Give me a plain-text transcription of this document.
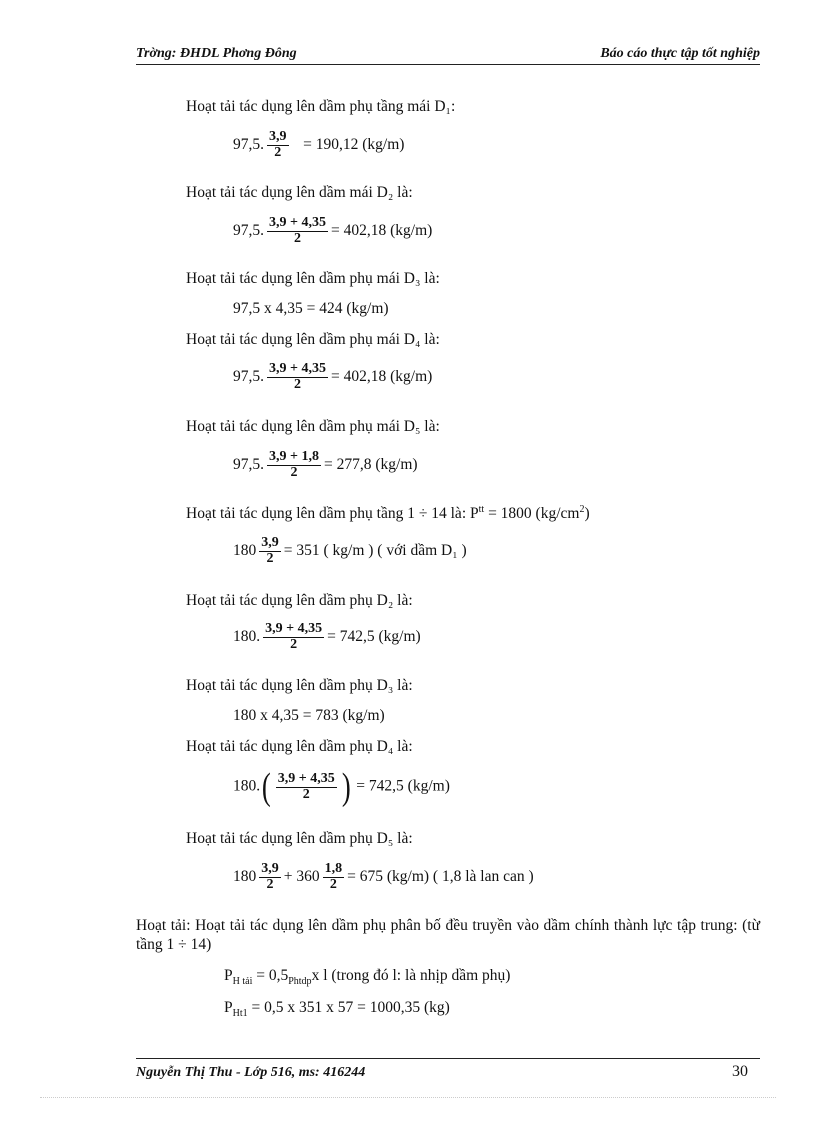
Trờng: ĐHDL Phơng Đông	Báo cáo thực tập tốt nghiệp
Hoạt tải tác dụng lên dầm phụ tầng mái D₁:
97,5. $\frac{3,9}{2} = 190,12$ (kg/m)
Hoạt tải tác dụng lên dầm mái D₂ là:
97,5. $\frac{3,9 + 4,35}{2} = 402,18$ (kg/m)
Hoạt tải tác dụng lên dầm phụ mái D₃ là:
97,5 x 4,35 = 424 (kg/m)
Hoạt tải tác dụng lên dầm phụ mái D₄ là:
97,5. $\frac{3,9 + 4,35}{2} = 402,18$ (kg/m)
Hoạt tải tác dụng lên dầm phụ mái D₅ là:
97,5. $\frac{3,9 + 1,8}{2} = 277,8$ (kg/m)
Hoạt tải tác dụng lên dầm phụ tầng 1 ÷ 14 là: $P^{tt} = 1800$ $(kg/cm^2)$
$180 \frac{3,9}{2} = 351$ ( kg/m ) ( với dầm D₁ )
Hoạt tải tác dụng lên dầm phụ D₂ là:
180. $\frac{3,9 + 4,35}{2} = 742,5$ (kg/m)
Hoạt tải tác dụng lên dầm phụ D₃ là:
180 x 4,35 = 783 (kg/m)
Hoạt tải tác dụng lên dầm phụ D₄ là:
$180.( \frac{3,9 + 4,35}{2}$ ) = 742,5 (kg/m)
Hoạt tải tác dụng lên dầm phụ D₅ là:
$180 \frac{3,9}{2} + 360 \frac{1,8}{2} = 675$ (kg/m) ( 1,8 là lan can )
Hoạt tải: Hoạt tải tác dụng lên dầm phụ phân bố đều truyền vào dầm chính thành lực tập trung: (từ tầng 1 ÷ 14)
$P_{H tải} = 0,5_{Phtdp}x$ l (trong đó l: là nhịp dầm phụ)
$P_{Ht1} = 0,5$ x 351 x 57 = 1000,35 (kg)
Nguyễn Thị Thu - Lớp 516, ms: 416244	30
